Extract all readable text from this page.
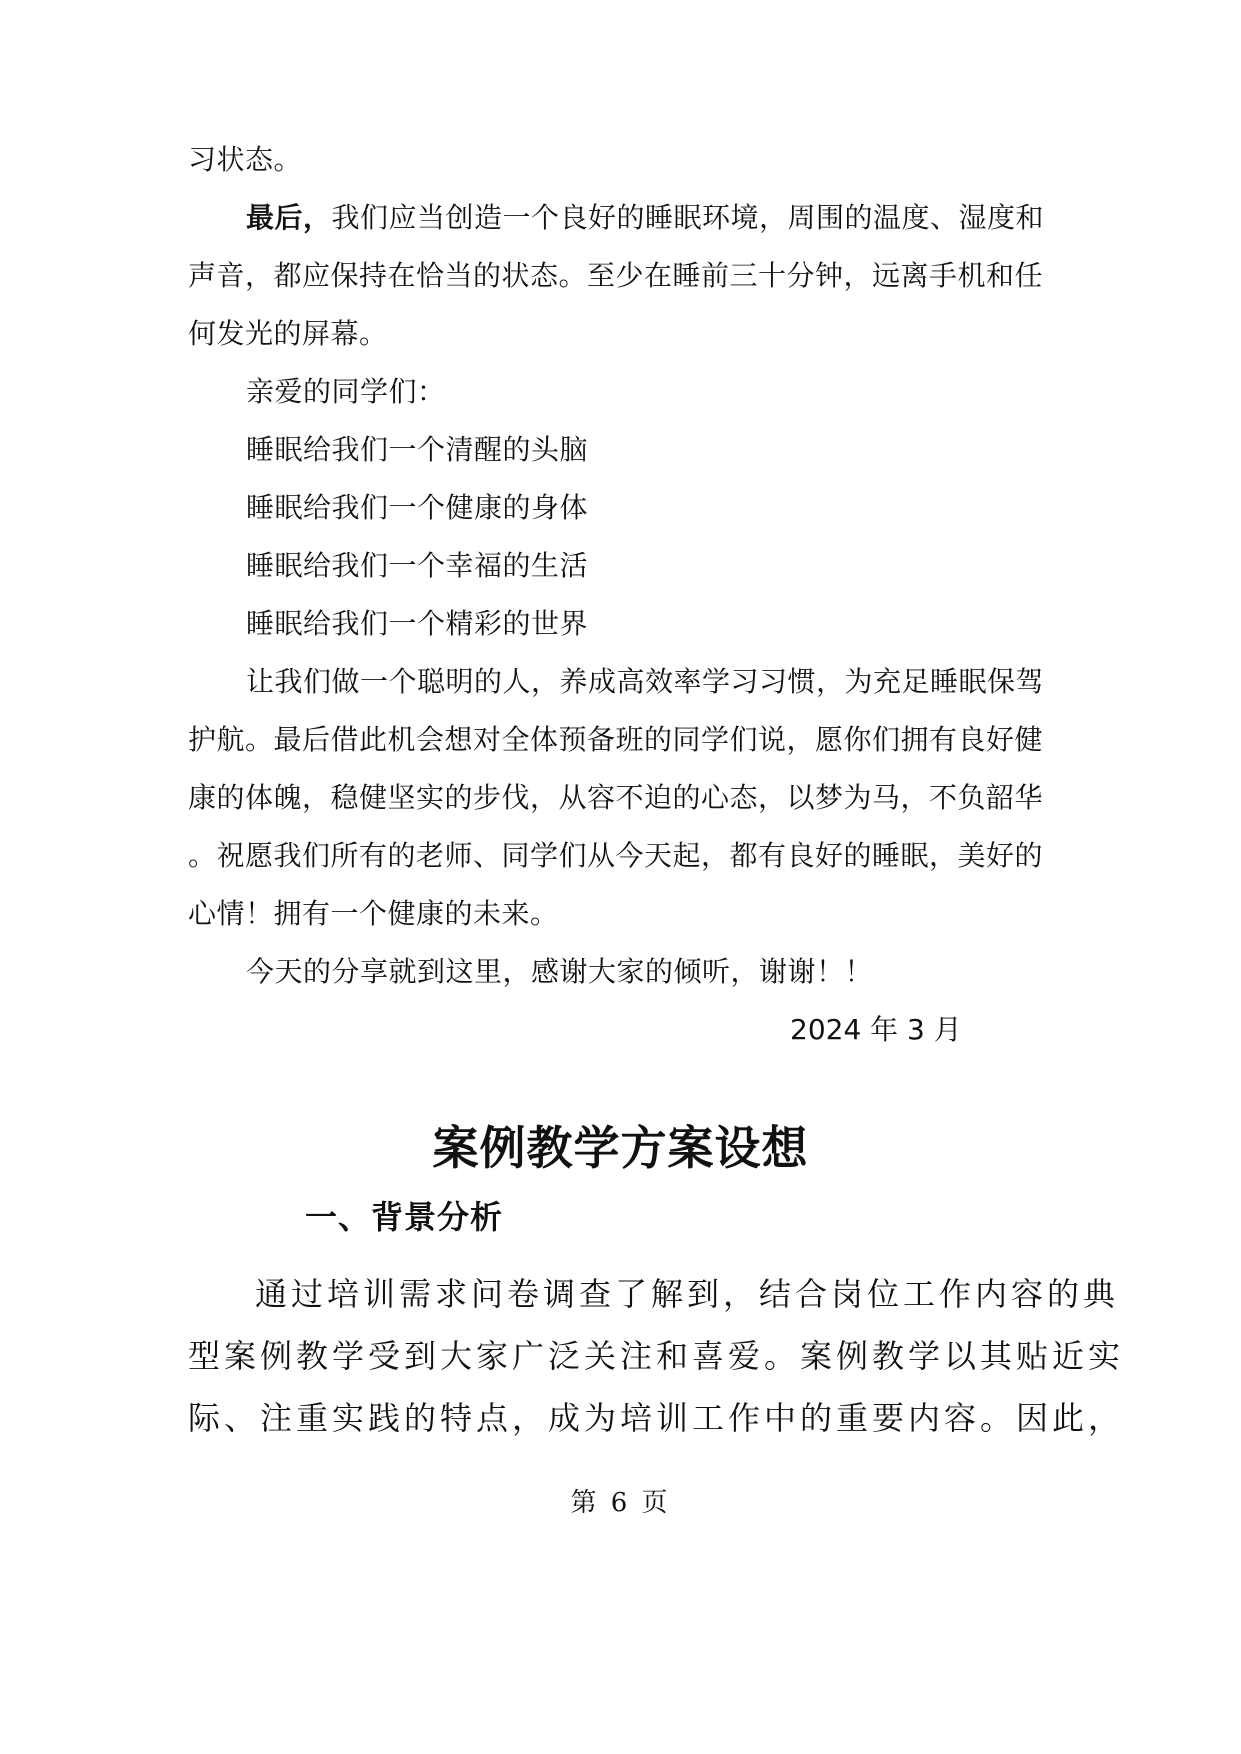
习状态。
最后，我们应当创造一个良好的睡眠环境，周围的温度、湿度和
声音，都应保持在恰当的状态。至少在睡前三十分钟，远离手机和任
何发光的屏幕。
亲爱的同学们：
睡眠给我们一个清醒的头脑
睡眠给我们一个健康的身体
睡眠给我们一个幸福的生活
睡眠给我们一个精彩的世界
让我们做一个聪明的人，养成高效率学习习惯，为充足睡眠保驾
护航。最后借此机会想对全体预备班的同学们说，愿你们拥有良好健
康的体魄，稳健坚实的步伐，从容不迫的心态，以梦为马，不负韶华
。祝愿我们所有的老师、同学们从今天起，都有良好的睡眠，美好的
心情！拥有一个健康的未来。
今天的分享就到这里，感谢大家的倾听，谢谢！！
2024 年 3 月
案例教学方案设想
一、背景分析
通过培训需求问卷调查了解到，结合岗位工作内容的典
型案例教学受到大家广泛关注和喜爱。案例教学以其贴近实
际、注重实践的特点，成为培训工作中的重要内容。因此，
第 6 页
